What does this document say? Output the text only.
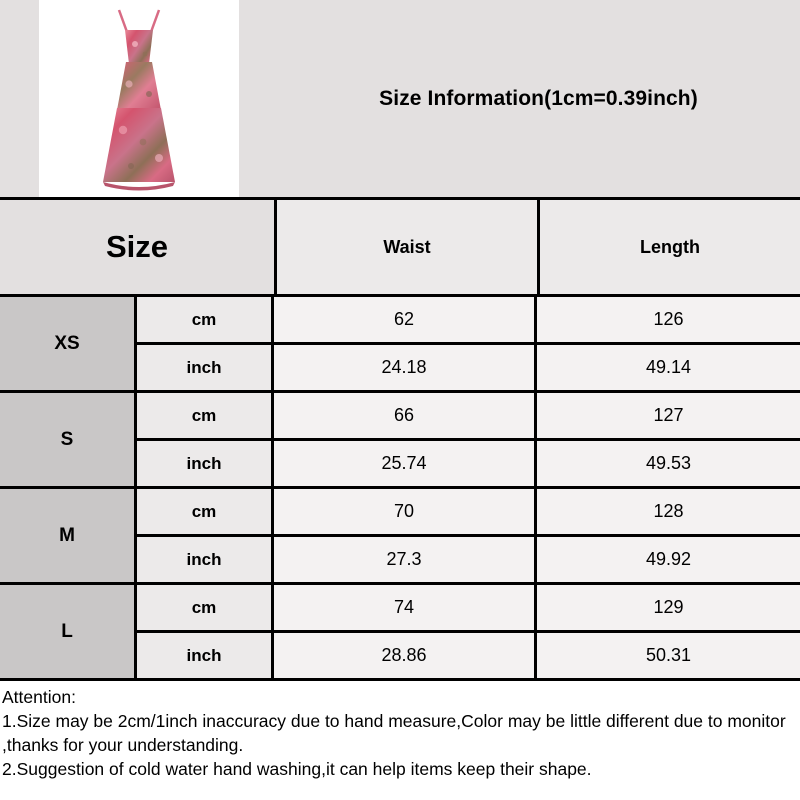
Size Information(1cm=0.39inch)
Size	Waist	Length
XS
cm	62	126
inch	24.18	49.14
S
cm	66	127
inch	25.74	49.53
M
cm	70	128
inch	27.3	49.92
L
cm	74	129
inch	28.86	50.31
Attention:
1.Size may be 2cm/1inch inaccuracy due to hand measure,Color may be little different due to monitor ,thanks for your understanding.
2.Suggestion of cold water hand washing,it can help items keep their shape.
